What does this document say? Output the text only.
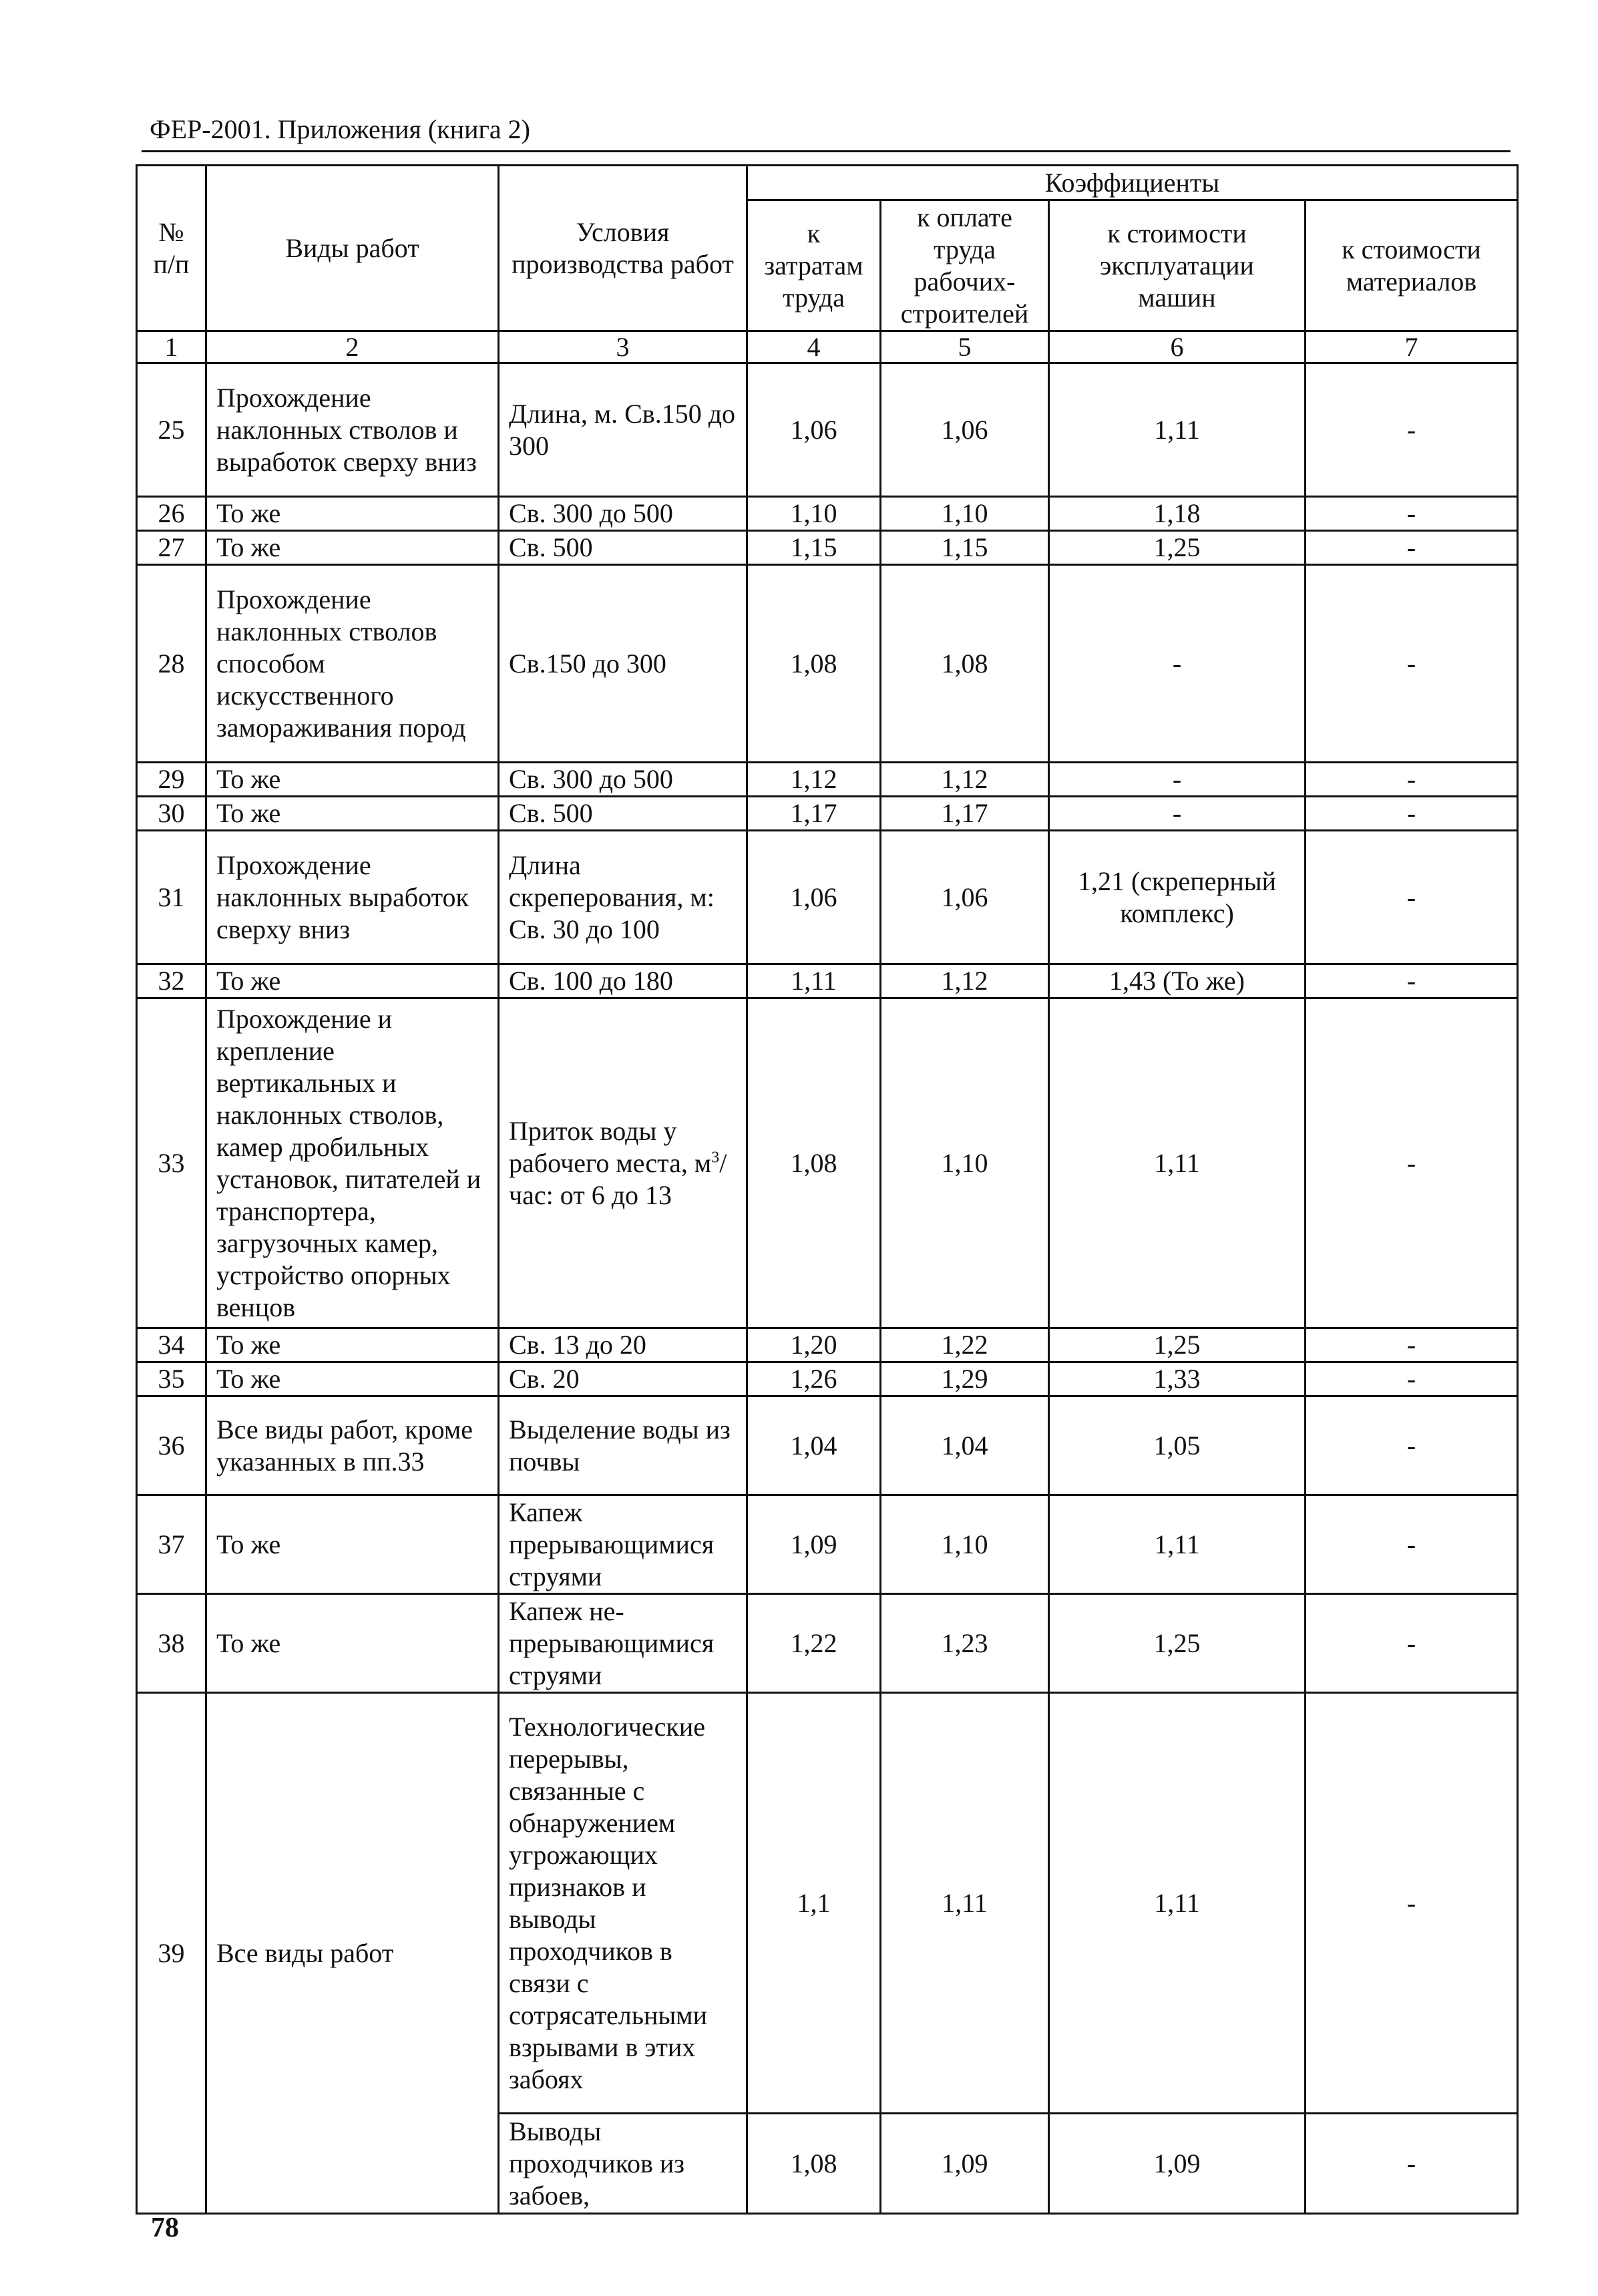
ФЕР-2001. Приложения (книга 2)
№ п/п	Виды работ	Условия производства работ	Коэффициенты			
			к затратам труда	к оплате труда рабочих-строителей	к стоимости эксплуатации машин	к стоимости материалов
1	2	3	4	5	6	7
25	Прохождение наклонных стволов и выработок сверху вниз	Длина, м. Св.150 до 300	1,06	1,06	1,11	-
26	То же	Св. 300 до 500	1,10	1,10	1,18	-
27	То же	Св. 500	1,15	1,15	1,25	-
28	Прохождение наклонных стволов способом искусственного замораживания пород	Св.150 до 300	1,08	1,08	-	-
29	То же	Св. 300 до 500	1,12	1,12	-	-
30	То же	Св. 500	1,17	1,17	-	-
31	Прохождение наклонных выработок сверху вниз	Длина скреперования, м: Св. 30 до 100	1,06	1,06	1,21 (скреперный комплекс)	-
32	То же	Св. 100 до 180	1,11	1,12	1,43 (То же)	-
33	Прохождение и крепление вертикальных и наклонных стволов, камер дробильных установок, питателей и транспортера, загрузочных камер, устройство опорных венцов	Приток воды у рабочего места, $м^3$/час: от 6 до 13	1,08	1,10	1,11	-
34	То же	Св. 13 до 20	1,20	1,22	1,25	-
35	То же	Св. 20	1,26	1,29	1,33	-
36	Все виды работ, кроме указанных в пп.33	Выделение воды из почвы	1,04	1,04	1,05	-
37	То же	Капеж прерывающимися струями	1,09	1,10	1,11	-
38	То же	Капеж не-прерывающимися струями	1,22	1,23	1,25	-
39	Все виды работ	Технологические перерывы, связанные с обнаружением угрожающих признаков и выводы проходчиков в связи с сотрясательными взрывами в этих забоях	1,1	1,11	1,11	-
		Выводы проходчиков из забоев,	1,08	1,09	1,09	-
78
